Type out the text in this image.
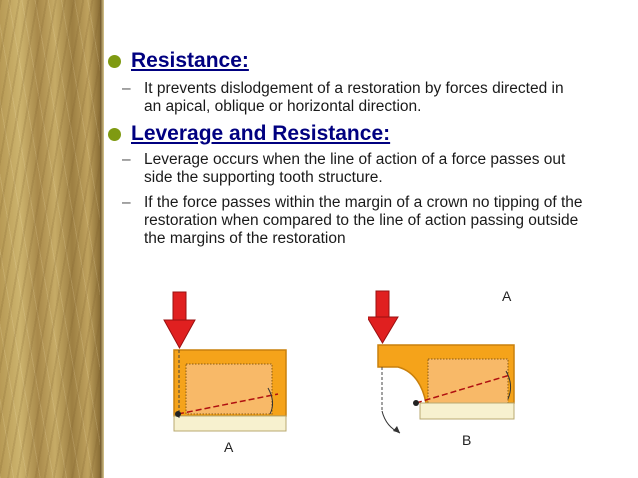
Resistance:
– It prevents dislodgement of a restoration by forces directed in an apical, oblique or horizontal direction.
Leverage and Resistance:
– Leverage occurs when the line of action of a force passes out side the supporting tooth structure.
– If the force passes within the margin of a crown no tipping of the restoration when compared to the line of action passing outside the margins of the restoration
A
A
B
